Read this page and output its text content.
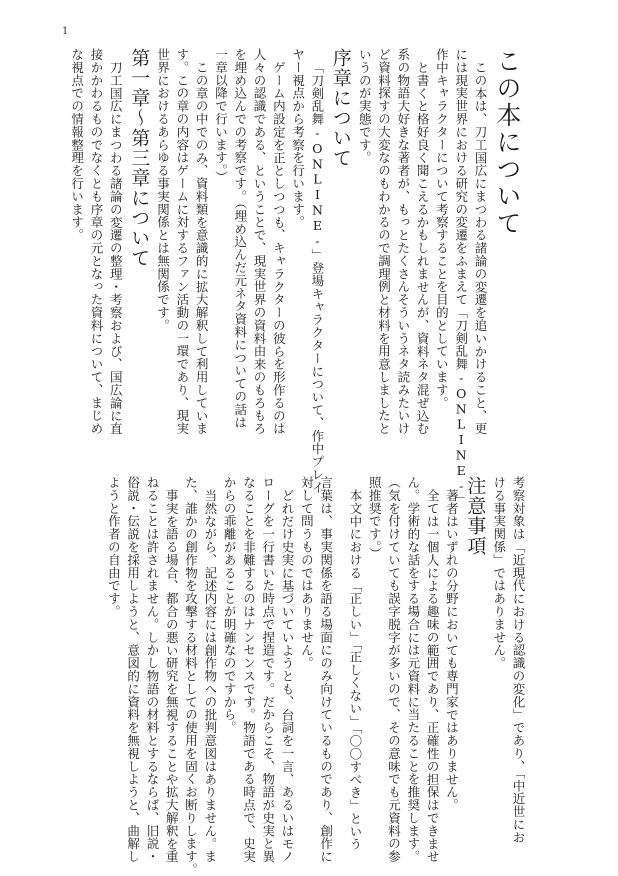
1
この本について
この本は、刀工国広にまつわる諸論の変遷を追いかけること、更
には現実世界における研究の変遷をふまえて「刀剣乱舞-ONLINE-」
作中キャラクターについて考察することを目的としています。
と書くと格好良く聞こえるかもしれませんが、資料ネタ混ぜ込む
系の物語大好きな著者が、もっとたくさんそういうネタ読みたいけ
ど資料探すの大変なのもわかるので調理例と材料を用意しましたと
いうのが実態です。
序章について
「刀剣乱舞-ONLINE-」登場キャラクターについて、作中プレイ
ヤー視点から考察を行います。
ゲーム内設定を正としつつも、キャラクターの彼らを形作るのは
人々の認識である、ということで、現実世界の資料由来のもろもろ
を埋め込んでの考察です。（埋め込んだ元ネタ資料についての話は
一章以降で行います。）
この章の中でのみ、資料類を意識的に拡大解釈して利用していま
す。この章の内容はゲームに対するファン活動の一環であり、現実
世界におけるあらゆる事実関係とは無関係です。
第一章〜第三章について
刀工国広にまつわる諸論の変遷の整理・考察および、国広論に直
接かかわるものでなくとも序章の元となった資料について、まじめ
な視点での情報整理を行います。
考察対象は「近現代における認識の変化」であり、「中近世にお
ける事実関係」ではありません。
注意事項
著者はいずれの分野においても専門家ではありません。
全ては一個人による趣味の範囲であり、正確性の担保はできませ
ん。学術的な話をする場合には元資料に当たることを推奨します。
（気を付けていても誤字脱字が多いので、その意味でも元資料の参
照推奨です。）
本文中における「正しい」「正しくない」「〇〇すべき」という
言葉は、事実関係を語る場面にのみ向けているものであり、創作に
対して問うものではありません。
どれだけ史実に基づいていようとも、台詞を一言、あるいはモノ
ローグを一行書いた時点で捏造です。だからこそ、物語が史実と異
なることを非難するのはナンセンスです。物語である時点で、史実
からの乖離があることが明確なのですから。
当然ながら、記述内容には創作物への批判意図はありません。ま
た、誰かの創作物を攻撃する材料としての使用を固くお断りします。
事実を語る場合、都合の悪い研究を無視することや拡大解釈を重
ねることは許されません。しかし物語の材料とするならば、旧説・
俗説・伝説を採用しようと、意図的に資料を無視しようと、曲解し
ようと作者の自由です。
